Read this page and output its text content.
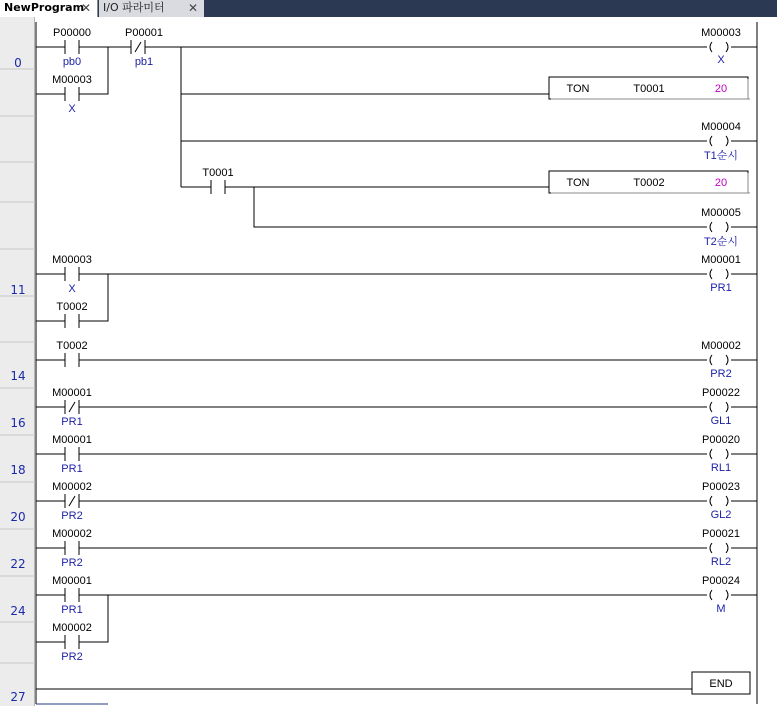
NewProgram
✕	I/O 파라미터 ✕
0
11
14
16
18
20
22
24
27
P00000
pb0
P00001
pb1
M00003
X
T0001
M00003
X
T0002
T0002
M00001
PR1
M00001
PR1
M00002
PR2
M00002
PR2
M00001
PR1
M00002
PR2
M00003
X
M00004
T1순시
M00005
T2순시
M00001
PR1
M00002
PR2
P00022
GL1
P00020
RL1
P00023
GL2
P00021
RL2
P00024
M
TON	T0001	20
TON	T0002	20
END
